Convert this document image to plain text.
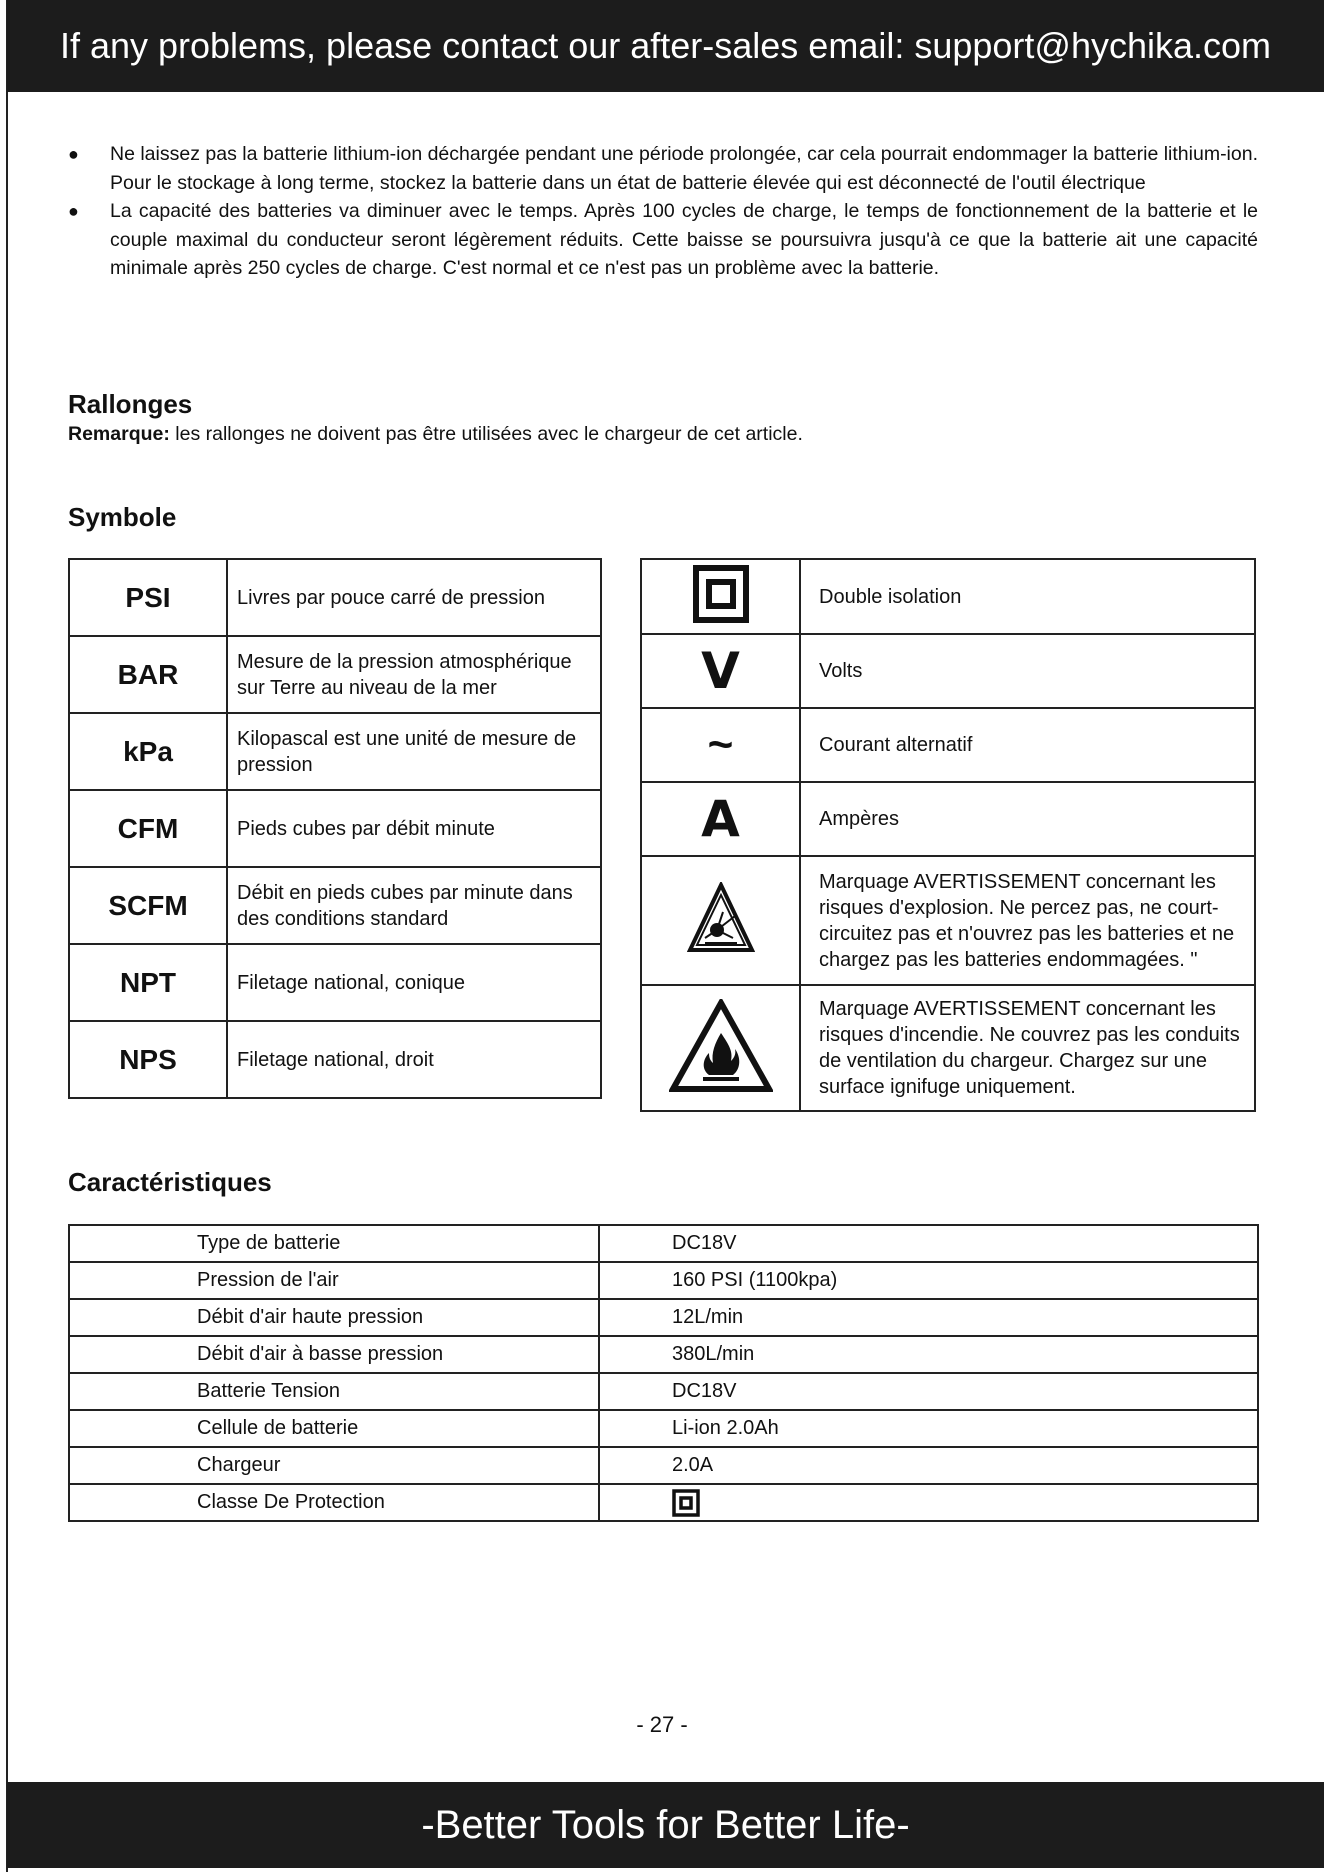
If any problems, please contact our after-sales email: support@hychika.com
● Ne laissez pas la batterie lithium-ion déchargée pendant une période prolongée, car cela pourrait endommager la batterie lithium-ion. Pour le stockage à long terme, stockez la batterie dans un état de batterie élevée qui est déconnecté de l'outil électrique
● La capacité des batteries va diminuer avec le temps. Après 100 cycles de charge, le temps de fonctionnement de la batterie et le couple maximal du conducteur seront légèrement réduits. Cette baisse se poursuivra jusqu'à ce que la batterie ait une capacité minimale après 250 cycles de charge. C'est normal et ce n'est pas un problème avec la batterie.
Rallonges
Remarque: les rallonges ne doivent pas être utilisées avec le chargeur de cet article.
Symbole
PSI	Livres par pouce carré de pression
BAR	Mesure de la pression atmosphérique sur Terre au niveau de la mer
kPa	Kilopascal est une unité de mesure de pression
CFM	Pieds cubes par débit minute
SCFM	Débit en pieds cubes par minute dans des conditions standard
NPT	Filetage national, conique
NPS	Filetage national, droit
	Double isolation
V	Volts
~	Courant alternatif
A	Ampères
	Marquage AVERTISSEMENT concernant les risques d'explosion. Ne percez pas, ne court-circuitez pas et n'ouvrez pas les batteries et ne chargez pas les batteries endommagées. "
	Marquage AVERTISSEMENT concernant les risques d'incendie. Ne couvrez pas les conduits de ventilation du chargeur. Chargez sur une surface ignifuge uniquement.
Caractéristiques
Type de batterie	DC18V
Pression de l'air	160 PSI (1100kpa)
Débit d'air haute pression	12L/min
Débit d'air à basse pression	380L/min
Batterie Tension	DC18V
Cellule de batterie	Li-ion 2.0Ah
Chargeur	2.0A
Classe De Protection	
- 27 -
-Better Tools for Better Life-
